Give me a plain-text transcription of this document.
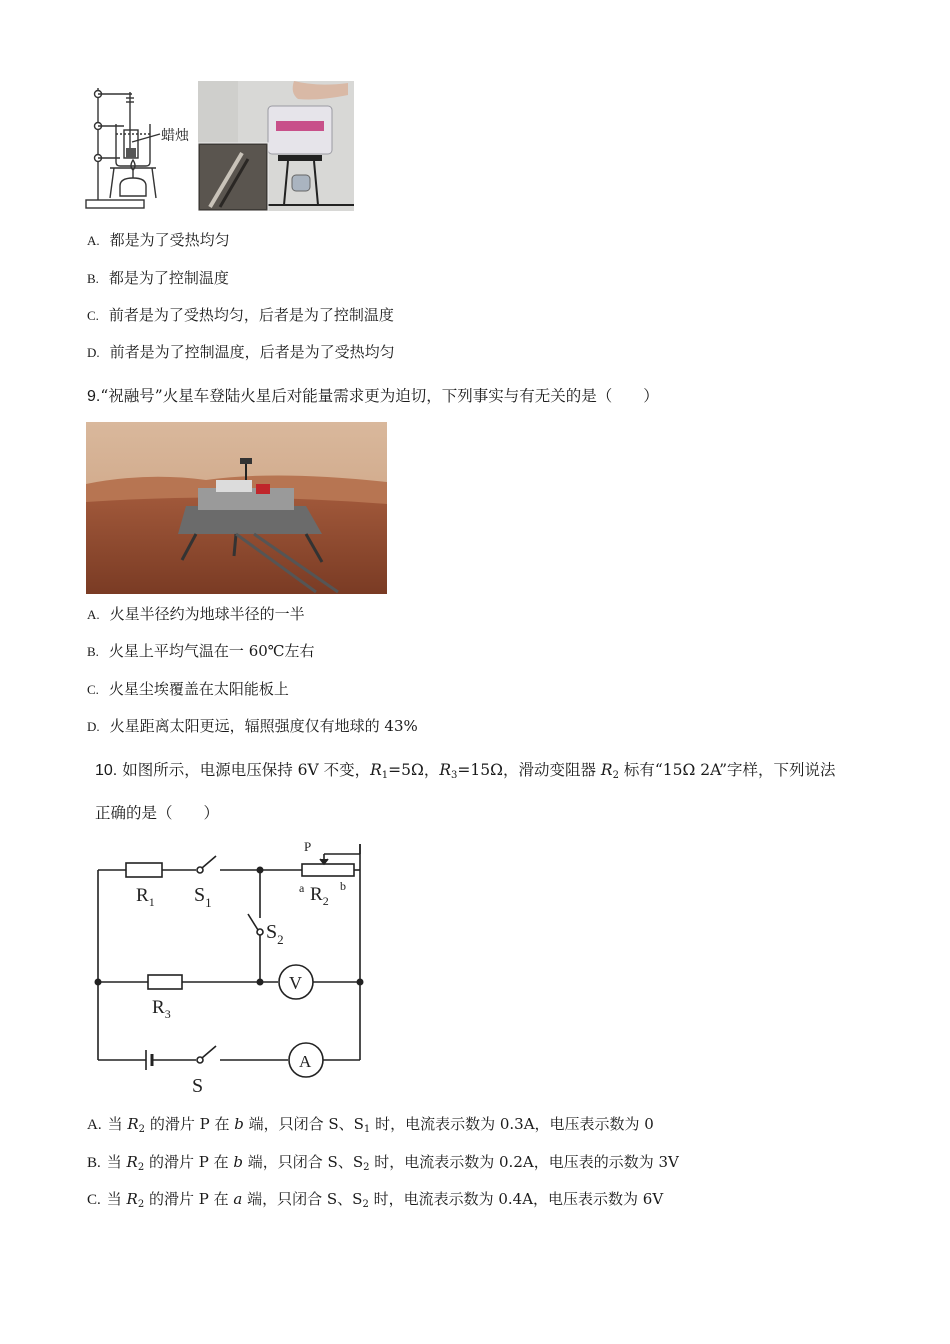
蜡烛
A. 都是为了受热均匀
B. 都是为了控制温度
C. 前者是为了受热均匀，后者是为了控制温度
D. 前者是为了控制温度，后者是为了受热均匀
9.“祝融号”火星车登陆火星后对能量需求更为迫切，下列事实与有无关的是（　　）
A. 火星半径约为地球半径的一半
B. 火星上平均气温在一 60℃左右
C. 火星尘埃覆盖在太阳能板上
D. 火星距离太阳更远，辐照强度仅有地球的 43%
10. 如图所示，电源电压保持 6V 不变，$R_1=5\Omega$，$R_3=15\Omega$，滑动变阻器 $R_2$ 标有“15Ω 2A”字样，下列说法
正确的是（　　）
$R_1$ $S_1$
P
a	b
$R_2$
$S_2$
V
$R_3$
A
S
A. 当 $R_2$ 的滑片 P 在 b 端，只闭合 S、$S_1$ 时，电流表示数为 0.3A，电压表示数为 0
B. 当 $R_2$ 的滑片 P 在 b 端，只闭合 S、$S_2$ 时，电流表示数为 0.2A，电压表的示数为 3V
C. 当 $R_2$ 的滑片 P 在 a 端，只闭合 S、$S_2$ 时，电流表示数为 0.4A，电压表示数为 6V
